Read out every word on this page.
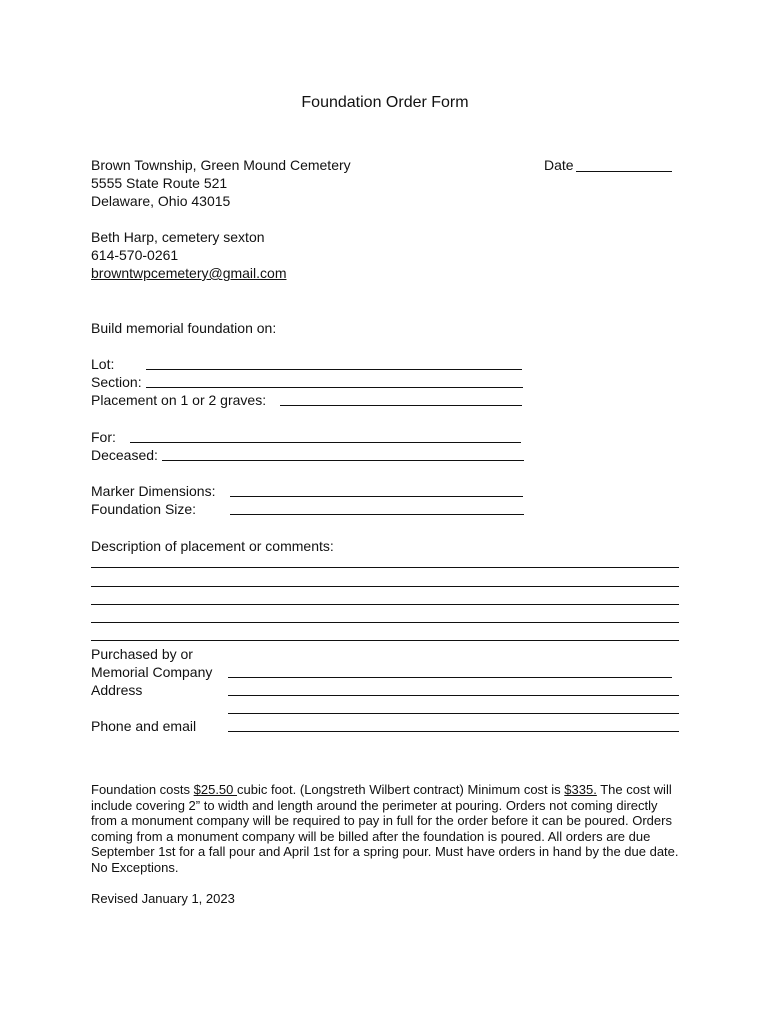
Foundation Order Form
Brown Township, Green Mound Cemetery
5555 State Route 521
Delaware, Ohio 43015
Date
Beth Harp, cemetery sexton
614-570-0261
browntwpcemetery@gmail.com
Build memorial foundation on:
Lot:
Section:
Placement on 1 or 2 graves:
For:
Deceased:
Marker Dimensions:
Foundation Size:
Description of placement or comments:
Purchased by or
Memorial Company
Address
Phone and email
Foundation costs $25.50 cubic foot. (Longstreth Wilbert contract) Minimum cost is $335. The cost will include covering 2” to width and length around the perimeter at pouring. Orders not coming directly from a monument company will be required to pay in full for the order before it can be poured. Orders coming from a monument company will be billed after the foundation is poured. All orders are due September 1st for a fall pour and April 1st for a spring pour. Must have orders in hand by the due date. No Exceptions.
Revised January 1, 2023
